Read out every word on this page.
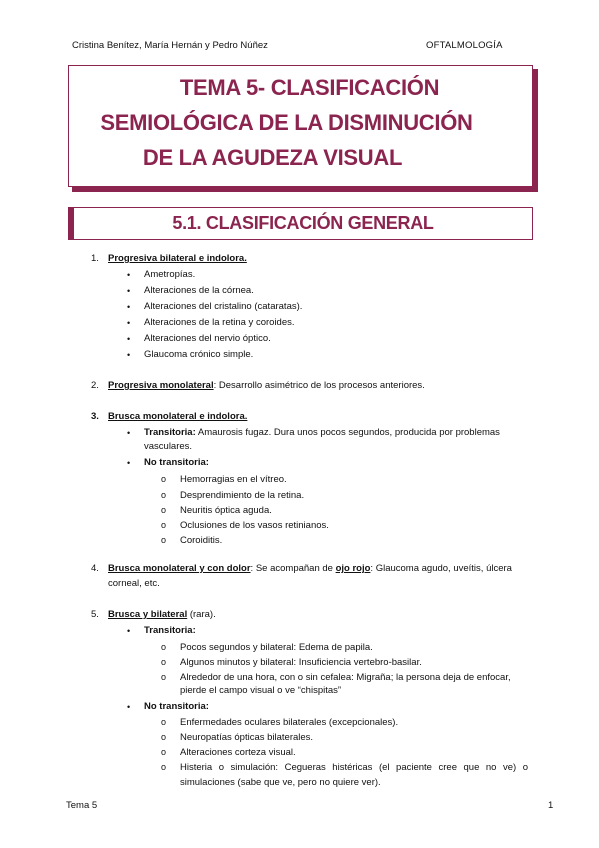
Cristina Benítez, María Hernán y Pedro Núñez	OFTALMOLOGÍA
TEMA 5- CLASIFICACIÓN
SEMIOLÓGICA DE LA DISMINUCIÓN
DE LA AGUDEZA VISUAL
5.1. CLASIFICACIÓN GENERAL
1. Progresiva bilateral e indolora.
• Ametropías.
• Alteraciones de la córnea.
• Alteraciones del cristalino (cataratas).
• Alteraciones de la retina y coroides.
• Alteraciones del nervio óptico.
• Glaucoma crónico simple.
2. Progresiva monolateral: Desarrollo asimétrico de los procesos anteriores.
3. Brusca monolateral e indolora.
• Transitoria: Amaurosis fugaz. Dura unos pocos segundos, producida por problemas
vasculares.
• No transitoria:
o Hemorragias en el vítreo.
o Desprendimiento de la retina.
o Neuritis óptica aguda.
o Oclusiones de los vasos retinianos.
o Coroiditis.
4. Brusca monolateral y con dolor: Se acompañan de ojo rojo: Glaucoma agudo, uveítis, úlcera
corneal, etc.
5. Brusca y bilateral (rara).
• Transitoria:
o Pocos segundos y bilateral: Edema de papila.
o Algunos minutos y bilateral: Insuficiencia vertebro-basilar.
o Alrededor de una hora, con o sin cefalea: Migraña; la persona deja de enfocar,
pierde el campo visual o ve “chispitas”
• No transitoria:
o Enfermedades oculares bilaterales (excepcionales).
o Neuropatías ópticas bilaterales.
o Alteraciones corteza visual.
o Histeria o simulación: Cegueras histéricas (el paciente cree que no ve) o
simulaciones (sabe que ve, pero no quiere ver).
Tema 5	1
